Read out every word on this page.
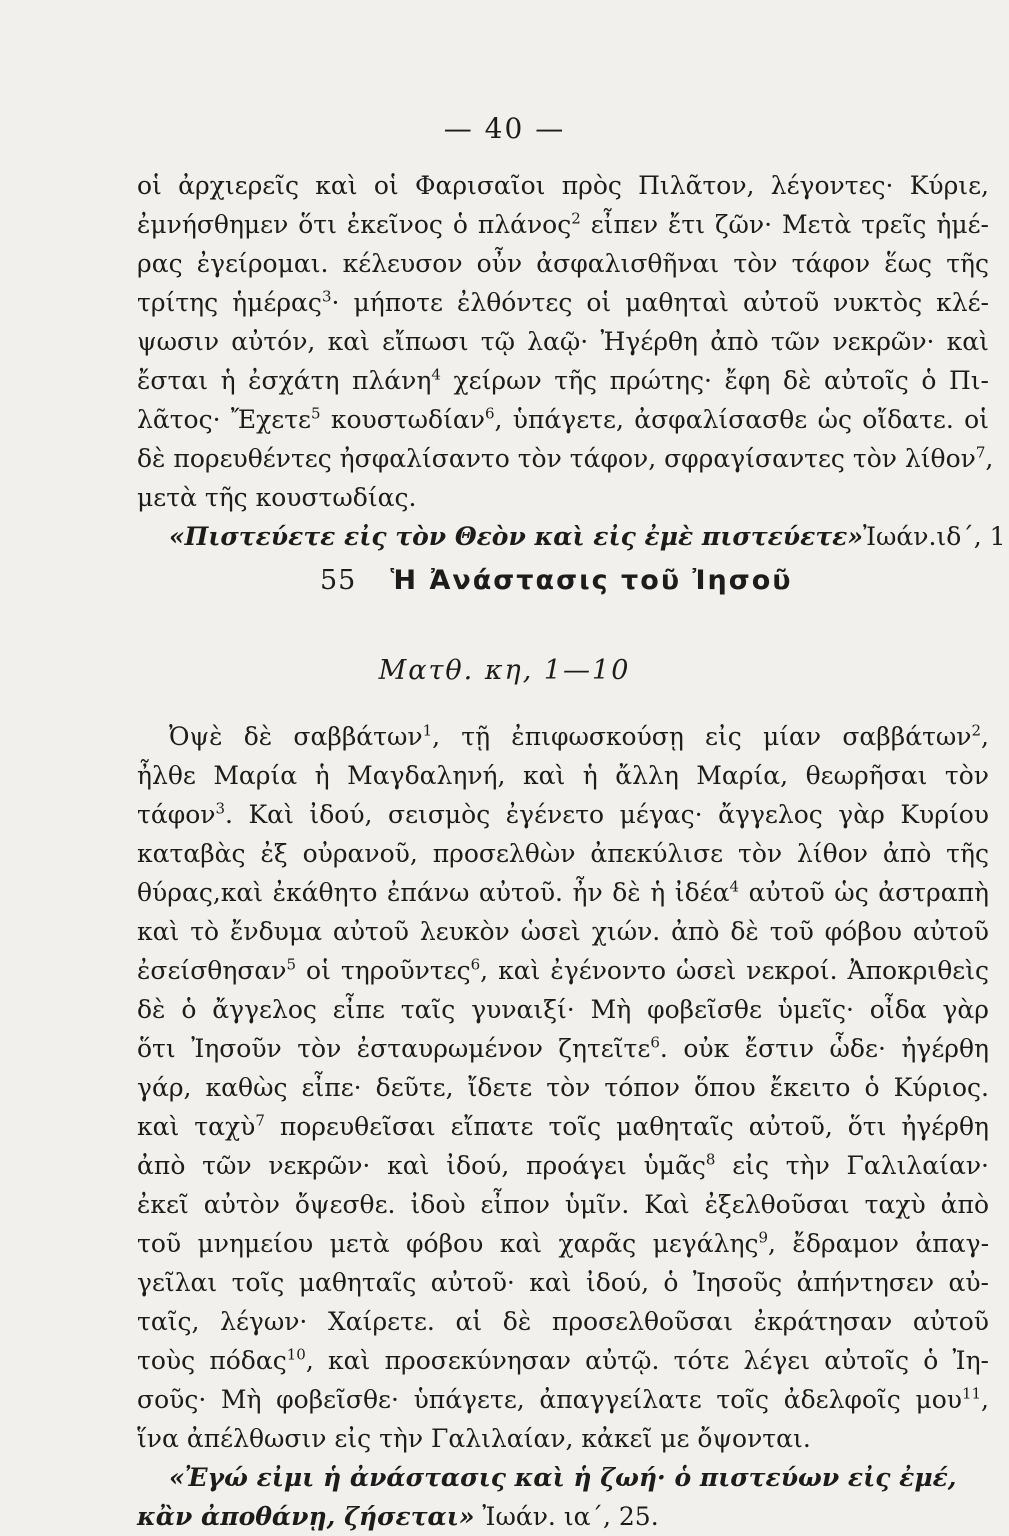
— 40 —
οἱ ἀρχιερεῖς καὶ οἱ Φαρισαῖοι πρὸς Πιλᾶτον, λέγοντες· Κύριε,
ἐμνήσθημεν ὅτι ἐκεῖνος ὁ πλάνος$^2$ εἶπεν ἔτι ζῶν· Μετὰ τρεῖς ἡμέ-
ρας ἐγείρομαι. κέλευσον οὖν ἀσφαλισθῆναι τὸν τάφον ἕως τῆς
τρίτης ἡμέρας$^3$· μήποτε ἐλθόντες οἱ μαθηταὶ αὐτοῦ νυκτὸς κλέ-
ψωσιν αὐτόν, καὶ εἴπωσι τῷ λαῷ· Ἠγέρθη ἀπὸ τῶν νεκρῶν· καὶ
ἔσται ἡ ἐσχάτη πλάνη$^4$ χείρων τῆς πρώτης· ἔφη δὲ αὐτοῖς ὁ Πι-
λᾶτος· Ἔχετε$^5$ κουστωδίαν$^6$, ὑπάγετε, ἀσφαλίσασθε ὡς οἴδατε. οἱ
δὲ πορευθέντες ἠσφαλίσαντο τὸν τάφον, σφραγίσαντες τὸν λίθον$^7$,
μετὰ τῆς κουστωδίας.
«Πιστεύετε εἰς τὸν Θεὸν καὶ εἰς ἐμὲ πιστεύετε»Ἰωάν.ιδ΄, 1
55 Ἡ Ἀνάστασις τοῦ Ἰησοῦ
Ματθ. κη, 1—10
Ὀψὲ δὲ σαββάτων$^1$, τῇ ἐπιφωσκούσῃ εἰς μίαν σαββάτων$^2$,
ἦλθε Μαρία ἡ Μαγδαληνή, καὶ ἡ ἄλλη Μαρία, θεωρῆσαι τὸν
τάφον$^3$. Καὶ ἰδού, σεισμὸς ἐγένετο μέγας· ἄγγελος γὰρ Κυρίου
καταβὰς ἐξ οὐρανοῦ, προσελθὼν ἀπεκύλισε τὸν λίθον ἀπὸ τῆς
θύρας,καὶ ἐκάθητο ἐπάνω αὐτοῦ. ἦν δὲ ἡ ἰδέα$^4$ αὐτοῦ ὡς ἀστραπὴ
καὶ τὸ ἔνδυμα αὐτοῦ λευκὸν ὡσεὶ χιών. ἀπὸ δὲ τοῦ φόβου αὐτοῦ
ἐσείσθησαν$^5$ οἱ τηροῦντες$^6$, καὶ ἐγένοντο ὡσεὶ νεκροί. Ἀποκριθεὶς
δὲ ὁ ἄγγελος εἶπε ταῖς γυναιξί· Μὴ φοβεῖσθε ὑμεῖς· οἶδα γὰρ
ὅτι Ἰησοῦν τὸν ἐσταυρωμένον ζητεῖτε$^6$. οὐκ ἔστιν ὧδε· ἠγέρθη
γάρ, καθὼς εἶπε· δεῦτε, ἴδετε τὸν τόπον ὅπου ἔκειτο ὁ Κύριος.
καὶ ταχὺ$^7$ πορευθεῖσαι εἴπατε τοῖς μαθηταῖς αὐτοῦ, ὅτι ἠγέρθη
ἀπὸ τῶν νεκρῶν· καὶ ἰδού, προάγει ὑμᾶς$^8$ εἰς τὴν Γαλιλαίαν·
ἐκεῖ αὐτὸν ὄψεσθε. ἰδοὺ εἶπον ὑμῖν. Καὶ ἐξελθοῦσαι ταχὺ ἀπὸ
τοῦ μνημείου μετὰ φόβου καὶ χαρᾶς μεγάλης$^9$, ἔδραμον ἀπαγ-
γεῖλαι τοῖς μαθηταῖς αὐτοῦ· καὶ ἰδού, ὁ Ἰησοῦς ἀπήντησεν αὐ-
ταῖς, λέγων· Χαίρετε. αἱ δὲ προσελθοῦσαι ἐκράτησαν αὐτοῦ
τοὺς πόδας$^{10}$, καὶ προσεκύνησαν αὐτῷ. τότε λέγει αὐτοῖς ὁ Ἰη-
σοῦς· Μὴ φοβεῖσθε· ὑπάγετε, ἀπαγγείλατε τοῖς ἀδελφοῖς μου$^{11}$,
ἵνα ἀπέλθωσιν εἰς τὴν Γαλιλαίαν, κἀκεῖ με ὄψονται.
«Ἐγώ εἰμι ἡ ἀνάστασις καὶ ἡ ζωή· ὁ πιστεύων εἰς ἐμέ,
κἂν ἀποθάνῃ, ζήσεται» Ἰωάν. ια΄, 25.
